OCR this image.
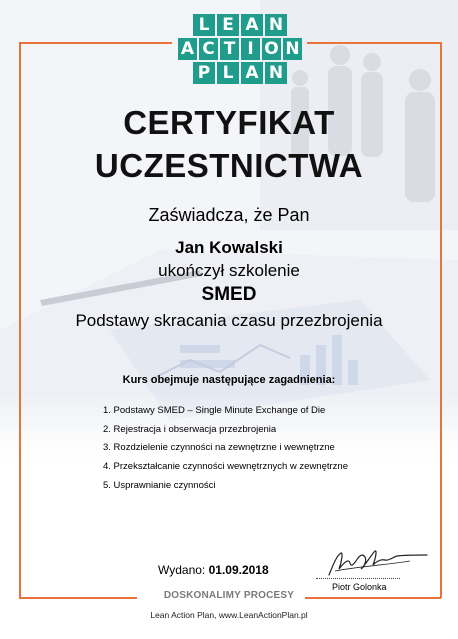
L E A N
A C T I O N
P L A N
CERTYFIKAT
UCZESTNICTWA
Zaświadcza, że Pan
Jan Kowalski
ukończył szkolenie
SMED
Podstawy skracania czasu przezbrojenia
Kurs obejmuje następujące zagadnienia:
1. Podstawy SMED – Single Minute Exchange of Die
2. Rejestracja i obserwacja przezbrojenia
3. Rozdzielenie czynności na zewnętrzne i wewnętrzne
4. Przekształcanie czynności wewnętrznych w zewnętrzne
5. Usprawnianie czynności
Wydano: 01.09.2018
Piotr Golonka
DOSKONALIMY PROCESY
Lean Action Plan, www.LeanActionPlan.pl
